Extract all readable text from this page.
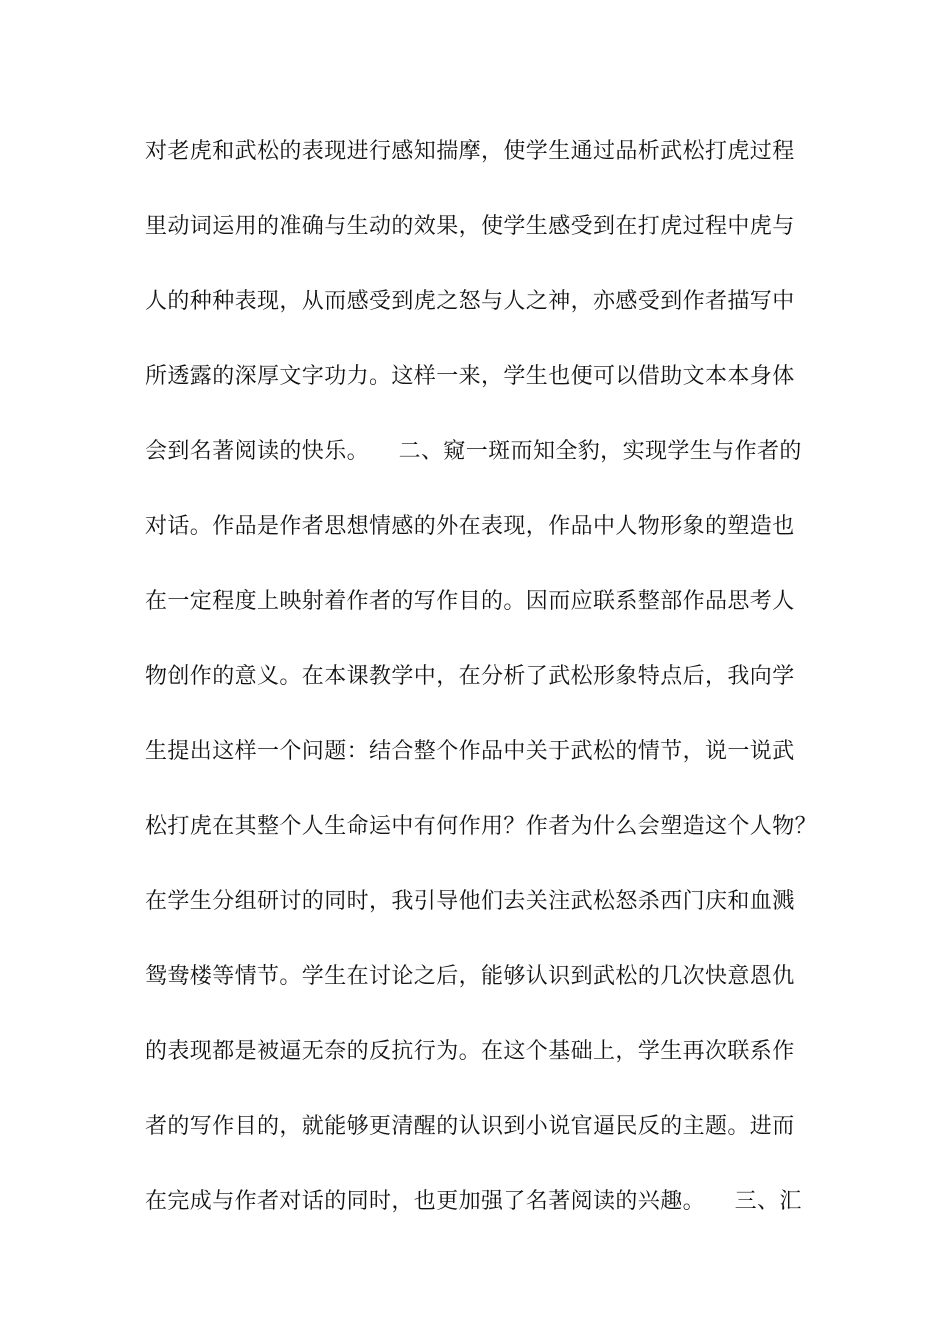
对老虎和武松的表现进行感知揣摩，使学生通过品析武松打虎过程
里动词运用的准确与生动的效果，使学生感受到在打虎过程中虎与
人的种种表现，从而感受到虎之怒与人之神，亦感受到作者描写中
所透露的深厚文字功力。这样一来，学生也便可以借助文本本身体
会到名著阅读的快乐。    二、窥一斑而知全豹，实现学生与作者的
对话。作品是作者思想情感的外在表现，作品中人物形象的塑造也
在一定程度上映射着作者的写作目的。因而应联系整部作品思考人
物创作的意义。在本课教学中，在分析了武松形象特点后，我向学
生提出这样一个问题：结合整个作品中关于武松的情节，说一说武
松打虎在其整个人生命运中有何作用？作者为什么会塑造这个人物？
在学生分组研讨的同时，我引导他们去关注武松怒杀西门庆和血溅
鸳鸯楼等情节。学生在讨论之后，能够认识到武松的几次快意恩仇
的表现都是被逼无奈的反抗行为。在这个基础上，学生再次联系作
者的写作目的，就能够更清醒的认识到小说官逼民反的主题。进而
在完成与作者对话的同时，也更加强了名著阅读的兴趣。    三、汇
